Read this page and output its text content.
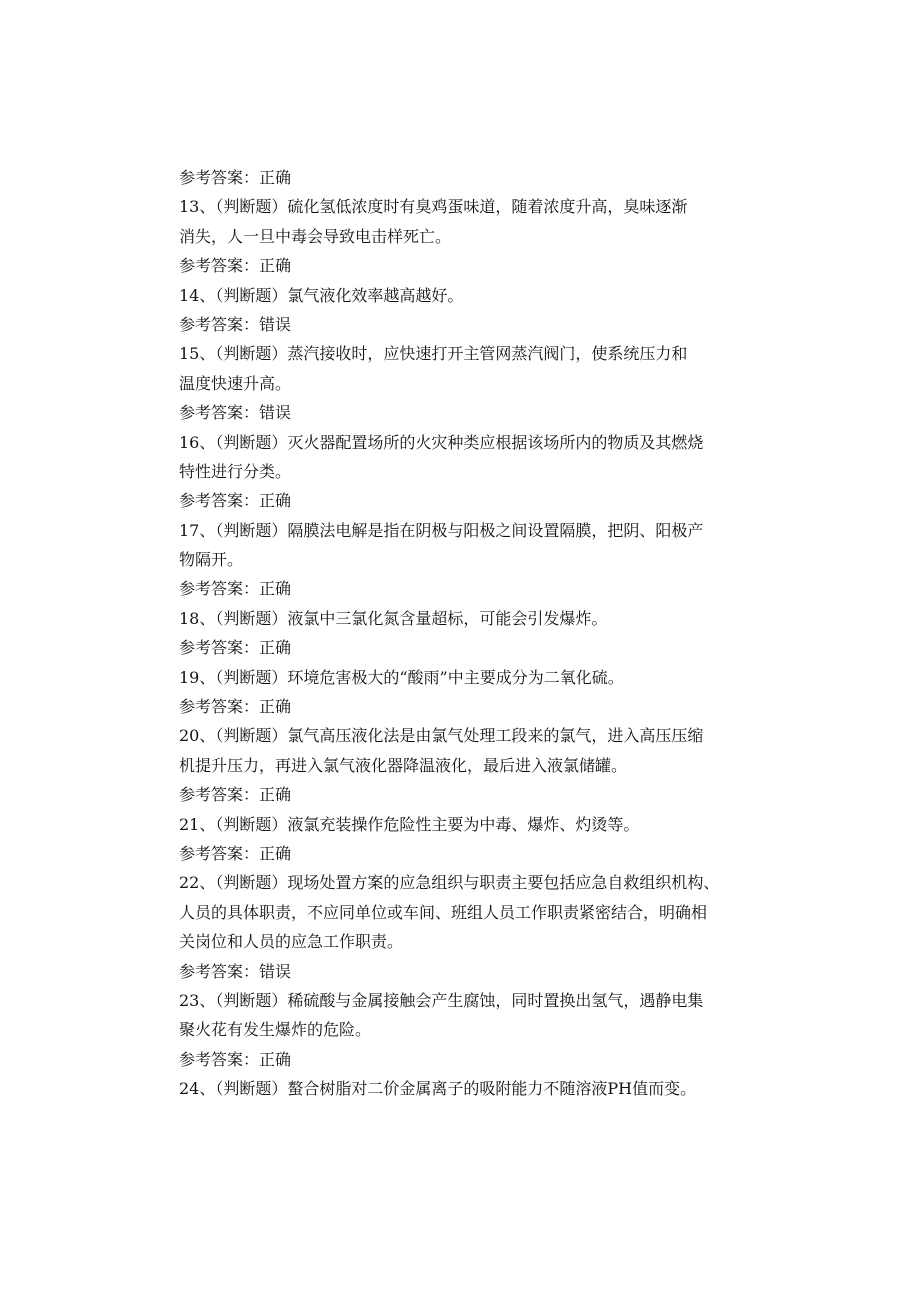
参考答案：正确
13、（判断题）硫化氢低浓度时有臭鸡蛋味道，随着浓度升高，臭味逐渐
消失，人一旦中毒会导致电击样死亡。
参考答案：正确
14、（判断题）氯气液化效率越高越好。
参考答案：错误
15、（判断题）蒸汽接收时，应快速打开主管网蒸汽阀门，使系统压力和
温度快速升高。
参考答案：错误
16、（判断题）灭火器配置场所的火灾种类应根据该场所内的物质及其燃烧
特性进行分类。
参考答案：正确
17、（判断题）隔膜法电解是指在阴极与阳极之间设置隔膜，把阴、阳极产
物隔开。
参考答案：正确
18、（判断题）液氯中三氯化氮含量超标，可能会引发爆炸。
参考答案：正确
19、（判断题）环境危害极大的“酸雨”中主要成分为二氧化硫。
参考答案：正确
20、（判断题）氯气高压液化法是由氯气处理工段来的氯气，进入高压压缩
机提升压力，再进入氯气液化器降温液化，最后进入液氯储罐。
参考答案：正确
21、（判断题）液氯充装操作危险性主要为中毒、爆炸、灼烫等。
参考答案：正确
22、（判断题）现场处置方案的应急组织与职责主要包括应急自救组织机构、
人员的具体职责，不应同单位或车间、班组人员工作职责紧密结合，明确相
关岗位和人员的应急工作职责。
参考答案：错误
23、（判断题）稀硫酸与金属接触会产生腐蚀，同时置换出氢气，遇静电集
聚火花有发生爆炸的危险。
参考答案：正确
24、（判断题）螯合树脂对二价金属离子的吸附能力不随溶液PH值而变。
